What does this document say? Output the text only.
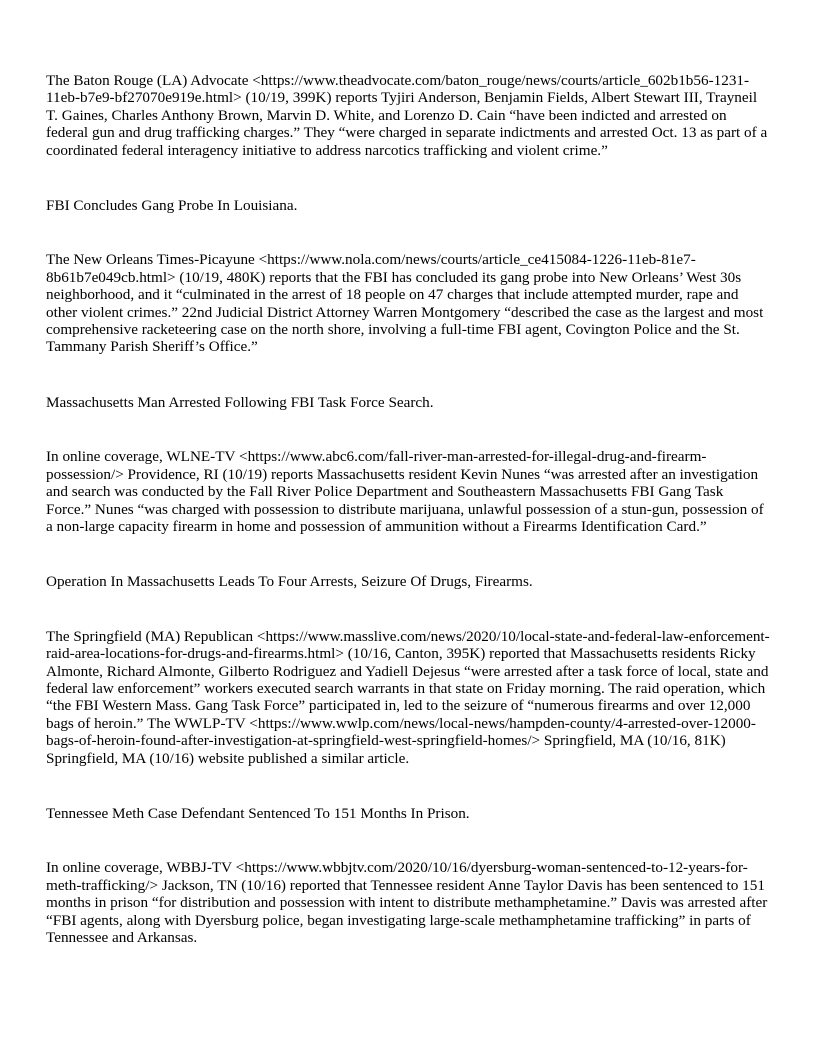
The Baton Rouge (LA) Advocate <https://www.theadvocate.com/baton_rouge/news/courts/article_602b1b56-1231-11eb-b7e9-bf27070e919e.html> (10/19, 399K) reports Tyjiri Anderson, Benjamin Fields, Albert Stewart III, Trayneil T. Gaines, Charles Anthony Brown, Marvin D. White, and Lorenzo D. Cain “have been indicted and arrested on federal gun and drug trafficking charges.” They “were charged in separate indictments and arrested Oct. 13 as part of a coordinated federal interagency initiative to address narcotics trafficking and violent crime.”

FBI Concludes Gang Probe In Louisiana.

The New Orleans Times-Picayune <https://www.nola.com/news/courts/article_ce415084-1226-11eb-81e7-8b61b7e049cb.html> (10/19, 480K) reports that the FBI has concluded its gang probe into New Orleans’ West 30s neighborhood, and it “culminated in the arrest of 18 people on 47 charges that include attempted murder, rape and other violent crimes.” 22nd Judicial District Attorney Warren Montgomery “described the case as the largest and most comprehensive racketeering case on the north shore, involving a full-time FBI agent, Covington Police and the St. Tammany Parish Sheriff’s Office.”

Massachusetts Man Arrested Following FBI Task Force Search.

In online coverage, WLNE-TV <https://www.abc6.com/fall-river-man-arrested-for-illegal-drug-and-firearm-possession/> Providence, RI (10/19) reports Massachusetts resident Kevin Nunes “was arrested after an investigation and search was conducted by the Fall River Police Department and Southeastern Massachusetts FBI Gang Task Force.” Nunes “was charged with possession to distribute marijuana, unlawful possession of a stun-gun, possession of a non-large capacity firearm in home and possession of ammunition without a Firearms Identification Card.”

Operation In Massachusetts Leads To Four Arrests, Seizure Of Drugs, Firearms.

The Springfield (MA) Republican <https://www.masslive.com/news/2020/10/local-state-and-federal-law-enforcement-raid-area-locations-for-drugs-and-firearms.html> (10/16, Canton, 395K) reported that Massachusetts residents Ricky Almonte, Richard Almonte, Gilberto Rodriguez and Yadiell Dejesus “were arrested after a task force of local, state and federal law enforcement” workers executed search warrants in that state on Friday morning. The raid operation, which “the FBI Western Mass. Gang Task Force” participated in, led to the seizure of “numerous firearms and over 12,000 bags of heroin.” The WWLP-TV <https://www.wwlp.com/news/local-news/hampden-county/4-arrested-over-12000-bags-of-heroin-found-after-investigation-at-springfield-west-springfield-homes/> Springfield, MA (10/16, 81K) Springfield, MA (10/16) website published a similar article.

Tennessee Meth Case Defendant Sentenced To 151 Months In Prison.

In online coverage, WBBJ-TV <https://www.wbbjtv.com/2020/10/16/dyersburg-woman-sentenced-to-12-years-for-meth-trafficking/> Jackson, TN (10/16) reported that Tennessee resident Anne Taylor Davis has been sentenced to 151 months in prison “for distribution and possession with intent to distribute methamphetamine.” Davis was arrested after “FBI agents, along with Dyersburg police, began investigating large-scale methamphetamine trafficking” in parts of Tennessee and Arkansas.
